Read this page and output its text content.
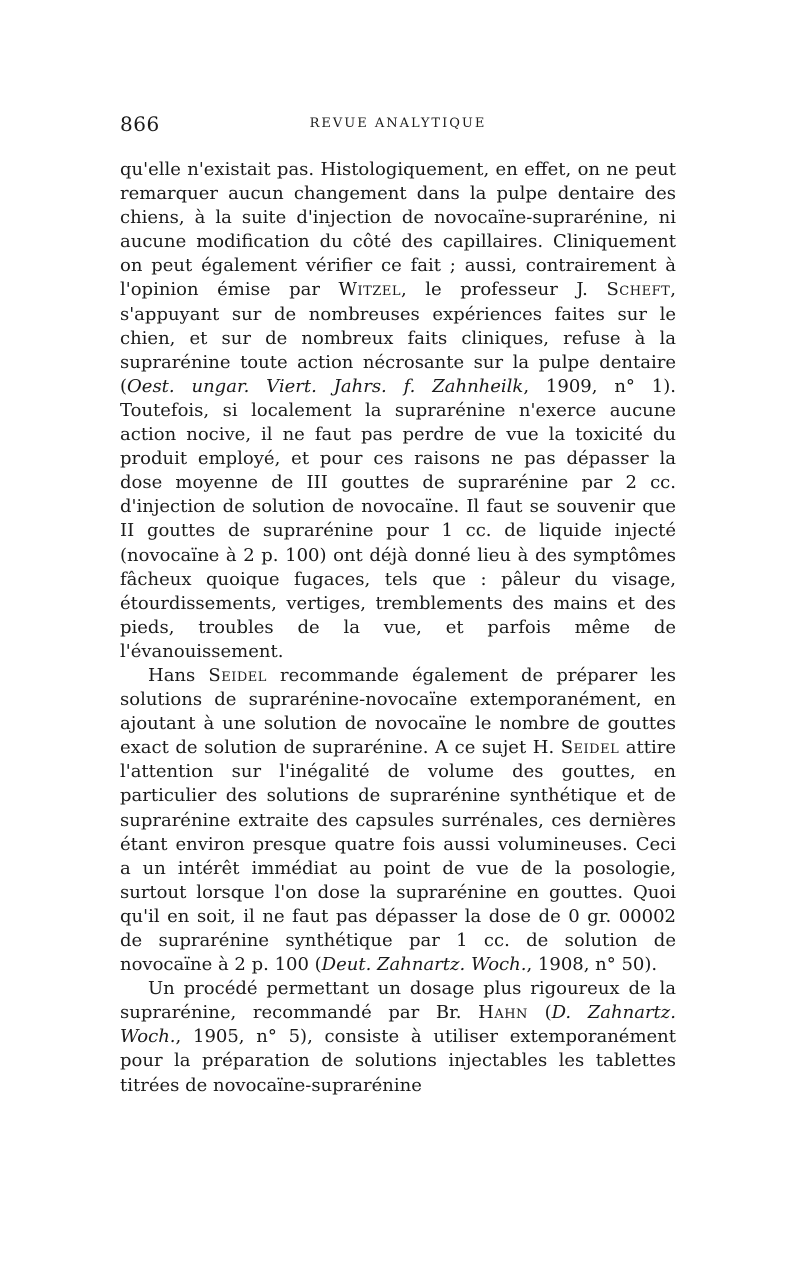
866	REVUE ANALYTIQUE

qu'elle n'existait pas. Histologiquement, en effet, on ne peut remarquer aucun changement dans la pulpe dentaire des chiens, à la suite d'injection de novocaïne-suprarénine, ni aucune modification du côté des capillaires. Cliniquement on peut également vérifier ce fait ; aussi, contrairement à l'opinion émise par Witzel, le professeur J. Scheft, s'appuyant sur de nombreuses expériences faites sur le chien, et sur de nombreux faits cliniques, refuse à la suprarénine toute action nécrosante sur la pulpe dentaire (Oest. ungar. Viert. Jahrs. f. Zahnheilk, 1909, n° 1). Toutefois, si localement la suprarénine n'exerce aucune action nocive, il ne faut pas perdre de vue la toxicité du produit employé, et pour ces raisons ne pas dépasser la dose moyenne de III gouttes de suprarénine par 2 cc. d'injection de solution de novocaïne. Il faut se souvenir que II gouttes de suprarénine pour 1 cc. de liquide injecté (novocaïne à 2 p. 100) ont déjà donné lieu à des symptômes fâcheux quoique fugaces, tels que : pâleur du visage, étourdissements, vertiges, tremblements des mains et des pieds, troubles de la vue, et parfois même de l'évanouissement.

Hans Seidel recommande également de préparer les solutions de suprarénine-novocaïne extemporanément, en ajoutant à une solution de novocaïne le nombre de gouttes exact de solution de suprarénine. A ce sujet H. Seidel attire l'attention sur l'inégalité de volume des gouttes, en particulier des solutions de suprarénine synthétique et de suprarénine extraite des capsules surrénales, ces dernières étant environ presque quatre fois aussi volumineuses. Ceci a un intérêt immédiat au point de vue de la posologie, surtout lorsque l'on dose la suprarénine en gouttes. Quoi qu'il en soit, il ne faut pas dépasser la dose de 0 gr. 00002 de suprarénine synthétique par 1 cc. de solution de novocaïne à 2 p. 100 (Deut. Zahnartz. Woch., 1908, n° 50).

Un procédé permettant un dosage plus rigoureux de la suprarénine, recommandé par Br. Hahn (D. Zahnartz. Woch., 1905, n° 5), consiste à utiliser extemporanément pour la préparation de solutions injectables les tablettes titrées de novocaïne-suprarénine
